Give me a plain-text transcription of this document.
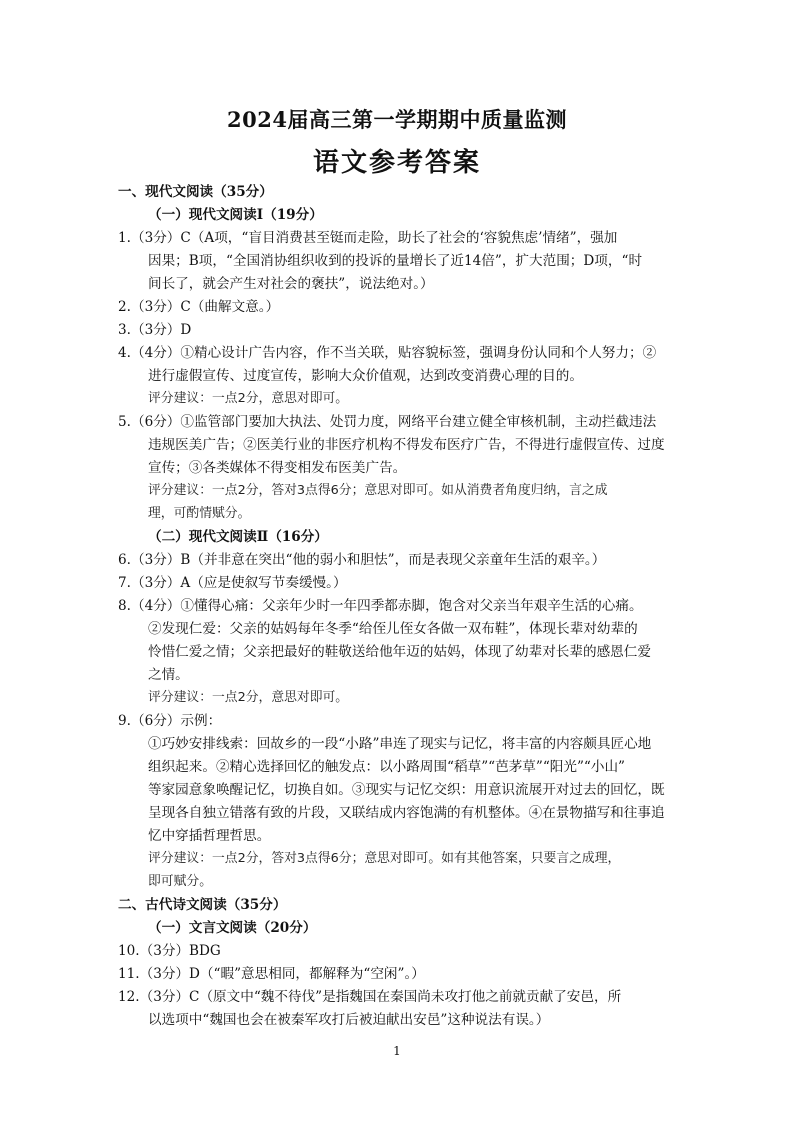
2024届高三第一学期期中质量监测
语文参考答案
一、现代文阅读（35分）
（一）现代文阅读Ⅰ（19分）
1.（3分）C（A项，“盲目消费甚至铤而走险，助长了社会的‘容貌焦虑’情绪”，强加
因果；B项，“全国消协组织收到的投诉的量增长了近14倍”，扩大范围；D项，“时
间长了，就会产生对社会的褒扶”，说法绝对。）
2.（3分）C（曲解文意。）
3.（3分）D
4.（4分）①精心设计广告内容，作不当关联，贴容貌标签，强调身份认同和个人努力；②
进行虚假宣传、过度宣传，影响大众价值观，达到改变消费心理的目的。
评分建议：一点2分，意思对即可。
5.（6分）①监管部门要加大执法、处罚力度，网络平台建立健全审核机制，主动拦截违法
违规医美广告；②医美行业的非医疗机构不得发布医疗广告，不得进行虚假宣传、过度
宣传；③各类媒体不得变相发布医美广告。
评分建议：一点2分，答对3点得6分；意思对即可。如从消费者角度归纳，言之成
理，可酌情赋分。
（二）现代文阅读Ⅱ（16分）
6.（3分）B（并非意在突出“他的弱小和胆怯”，而是表现父亲童年生活的艰辛。）
7.（3分）A（应是使叙写节奏缓慢。）
8.（4分）①懂得心痛：父亲年少时一年四季都赤脚，饱含对父亲当年艰辛生活的心痛。
②发现仁爱：父亲的姑妈每年冬季“给侄儿侄女各做一双布鞋”，体现长辈对幼辈的
怜惜仁爱之情；父亲把最好的鞋敬送给他年迈的姑妈，体现了幼辈对长辈的感恩仁爱
之情。
评分建议：一点2分，意思对即可。
9.（6分）示例：
①巧妙安排线索：回故乡的一段“小路”串连了现实与记忆，将丰富的内容颇具匠心地
组织起来。②精心选择回忆的触发点：以小路周围“稻草”“芭茅草”“阳光”“小山”
等家园意象唤醒记忆，切换自如。③现实与记忆交织：用意识流展开对过去的回忆，既
呈现各自独立错落有致的片段，又联结成内容饱满的有机整体。④在景物描写和往事追
忆中穿插哲理哲思。
评分建议：一点2分，答对3点得6分；意思对即可。如有其他答案，只要言之成理，
即可赋分。
二、古代诗文阅读（35分）
（一）文言文阅读（20分）
10.（3分）BDG
11.（3分）D（“暇”意思相同，都解释为“空闲”。）
12.（3分）C（原文中“魏不待伐”是指魏国在秦国尚未攻打他之前就贡献了安邑，所
以选项中“魏国也会在被秦军攻打后被迫献出安邑”这种说法有误。）
1
